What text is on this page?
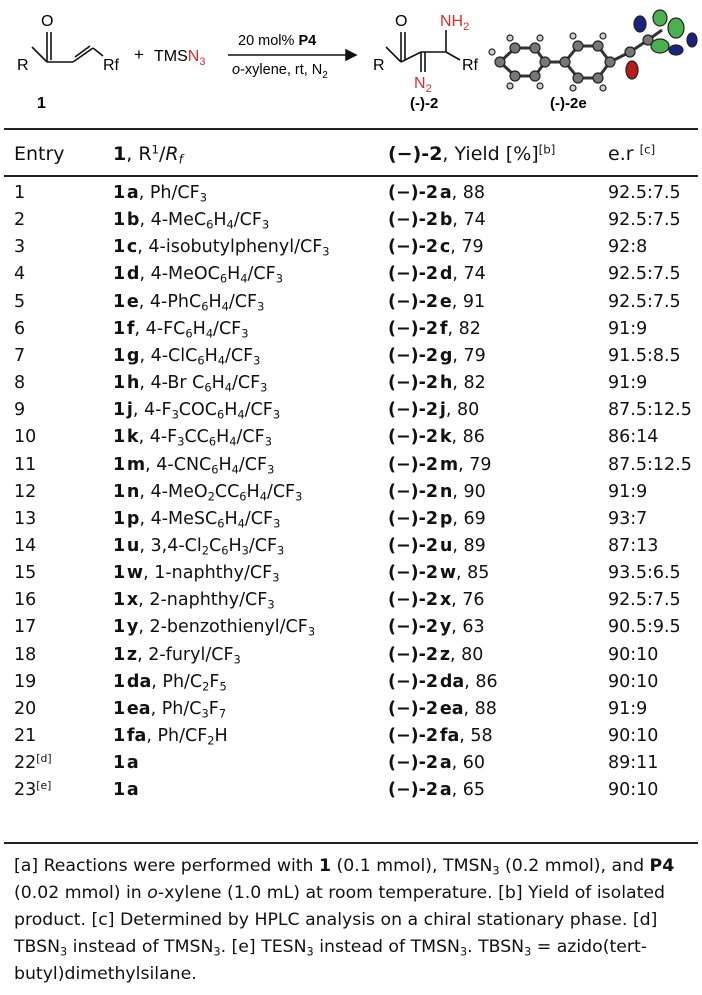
O
R	Rf
1
+ $TMSN_3$
20 mol% P4
o-xylene, rt, $N_2$
O
R
$NH_2$
Rf
$N_2$
(-)-2	(-)-2e
Entry	1, $R^1/R_f$	(−)-2, Yield [%][b]	e.r [c]
1	1 a, $Ph/CF_3$	(−)-2 a, 88	92.5:7.5
2	1 b, $4-MeC_6H_4/CF_3$	(−)-2 b, 74	92.5:7.5
3	1 c, $4-isobutylphenyl/CF_3$	(−)-2 c, 79	92:8
4	1 d, $4-MeOC_6H_4/CF_3$	(−)-2 d, 74	92.5:7.5
5	1 e, $4-PhC_6H_4/CF_3$	(−)-2 e, 91	92.5:7.5
6	1 f, $4-FC_6H_4/CF_3$	(−)-2 f, 82	91:9
7	1 g, $4-ClC_6H_4/CF_3$	(−)-2 g, 79	91.5:8.5
8	1 h, 4-Br $C_6H_4/CF_3$	(−)-2 h, 82	91:9
9	1 j, $4-F_3COC_6H_4/CF_3$	(−)-2 j, 80	87.5:12.5
10	1 k, $4-F_3CC_6H_4/CF_3$	(−)-2 k, 86	86:14
11	1 m, $4-CNC_6H_4/CF_3$	(−)-2 m, 79	87.5:12.5
12	1 n, $4-MeO_2CC_6H_4/CF_3$	(−)-2 n, 90	91:9
13	1 p, $4-MeSC_6H_4/CF_3$	(−)-2 p, 69	93:7
14	1 u, $3,4-Cl_2C_6H_3/CF_3$	(−)-2 u, 89	87:13
15	1 w, $1-naphthy/CF_3$	(−)-2 w, 85	93.5:6.5
16	1 x, $2-naphthy/CF_3$	(−)-2 x, 76	92.5:7.5
17	1 y, $2-benzothienyl/CF_3$	(−)-2 y, 63	90.5:9.5
18	1 z, $2-furyl/CF_3$	(−)-2 z, 80	90:10
19	1 da, $Ph/C_2F_5$	(−)-2 da, 86	90:10
20	1 ea, $Ph/C_3F_7$	(−)-2 ea, 88	91:9
21	1 fa, $Ph/CF_2H$	(−)-2 fa, 58	90:10
22[d]	1 a	(−)-2 a, 60	89:11
23[e]	1 a	(−)-2 a, 65	90:10

[a] Reactions were performed with 1 (0.1 mmol), $TMSN_3$ (0.2 mmol), and P4 (0.02 mmol) in o-xylene (1.0 mL) at room temperature. [b] Yield of isolated product. [c] Determined by HPLC analysis on a chiral stationary phase. [d] $TBSN_3$ instead of $TMSN_3$. [e] $TESN_3$ instead of $TMSN_3$. $TBSN_3$ = azido(tert-butyl)dimethylsilane.
